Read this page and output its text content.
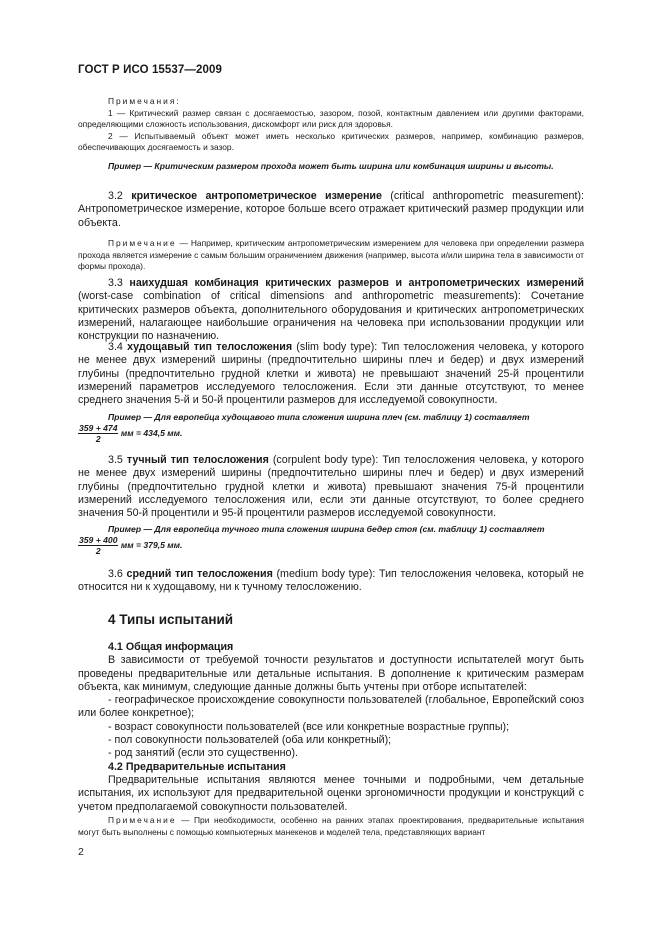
ГОСТ Р ИСО 15537—2009
Примечания:
1 — Критический размер связан с досягаемостью, зазором, позой, контактным давлением или другими факторами, определяющими сложность использования, дискомфорт или риск для здоровья.
2 — Испытываемый объект может иметь несколько критических размеров, например, комбинацию размеров, обеспечивающих досягаемость и зазор.
Пример — Критическим размером прохода может быть ширина или комбинация ширины и высоты.
3.2 критическое антропометрическое измерение (critical anthropometric measurement): Антропометрическое измерение, которое больше всего отражает критический размер продукции или объекта.
Примечание — Например, критическим антропометрическим измерением для человека при определении размера прохода является измерение с самым большим ограничением движения (например, высота и/или ширина тела в зависимости от формы прохода).
3.3 наихудшая комбинация критических размеров и антропометрических измерений (worst-case combination of critical dimensions and anthropometric measurements): Сочетание критических размеров объекта, дополнительного оборудования и критических антропометрических измерений, налагающее наибольшие ограничения на человека при использовании продукции или конструкции по назначению.
3.4 худощавый тип телосложения (slim body type): Тип телосложения человека, у которого не менее двух измерений ширины (предпочтительно ширины плеч и бедер) и двух измерений глубины (предпочтительно грудной клетки и живота) не превышают значений 25-й процентили измерений параметров исследуемого телосложения. Если эти данные отсутствуют, то менее среднего значения 5-й и 50-й процентили размеров для исследуемой совокупности.
Пример — Для европейца худощавого типа сложения ширина плеч (см. таблицу 1) составляет
$\frac{359 + 474}{2}$ мм = 434,5 мм.
3.5 тучный тип телосложения (corpulent body type): Тип телосложения человека, у которого не менее двух измерений ширины (предпочтительно ширины плеч и бедер) и двух измерений глубины (предпочтительно грудной клетки и живота) превышают значения 75-й процентили измерений исследуемого телосложения или, если эти данные отсутствуют, то более среднего значения 50-й процентили и 95-й процентили размеров исследуемой совокупности.
Пример — Для европейца тучного типа сложения ширина бедер стоя (см. таблицу 1) составляет
$\frac{359 + 400}{2}$ мм = 379,5 мм.
3.6 средний тип телосложения (medium body type): Тип телосложения человека, который не относится ни к худощавому, ни к тучному телосложению.
4 Типы испытаний
4.1 Общая информация
В зависимости от требуемой точности результатов и доступности испытателей могут быть проведены предварительные или детальные испытания. В дополнение к критическим размерам объекта, как минимум, следующие данные должны быть учтены при отборе испытателей:
- географическое происхождение совокупности пользователей (глобальное, Европейский союз или более конкретное);
- возраст совокупности пользователей (все или конкретные возрастные группы);
- пол совокупности пользователей (оба или конкретный);
- род занятий (если это существенно).
4.2 Предварительные испытания
Предварительные испытания являются менее точными и подробными, чем детальные испытания, их используют для предварительной оценки эргономичности продукции и конструкций с учетом предполагаемой совокупности пользователей.
Примечание — При необходимости, особенно на ранних этапах проектирования, предварительные испытания могут быть выполнены с помощью компьютерных манекенов и моделей тела, представляющих вариант
2
